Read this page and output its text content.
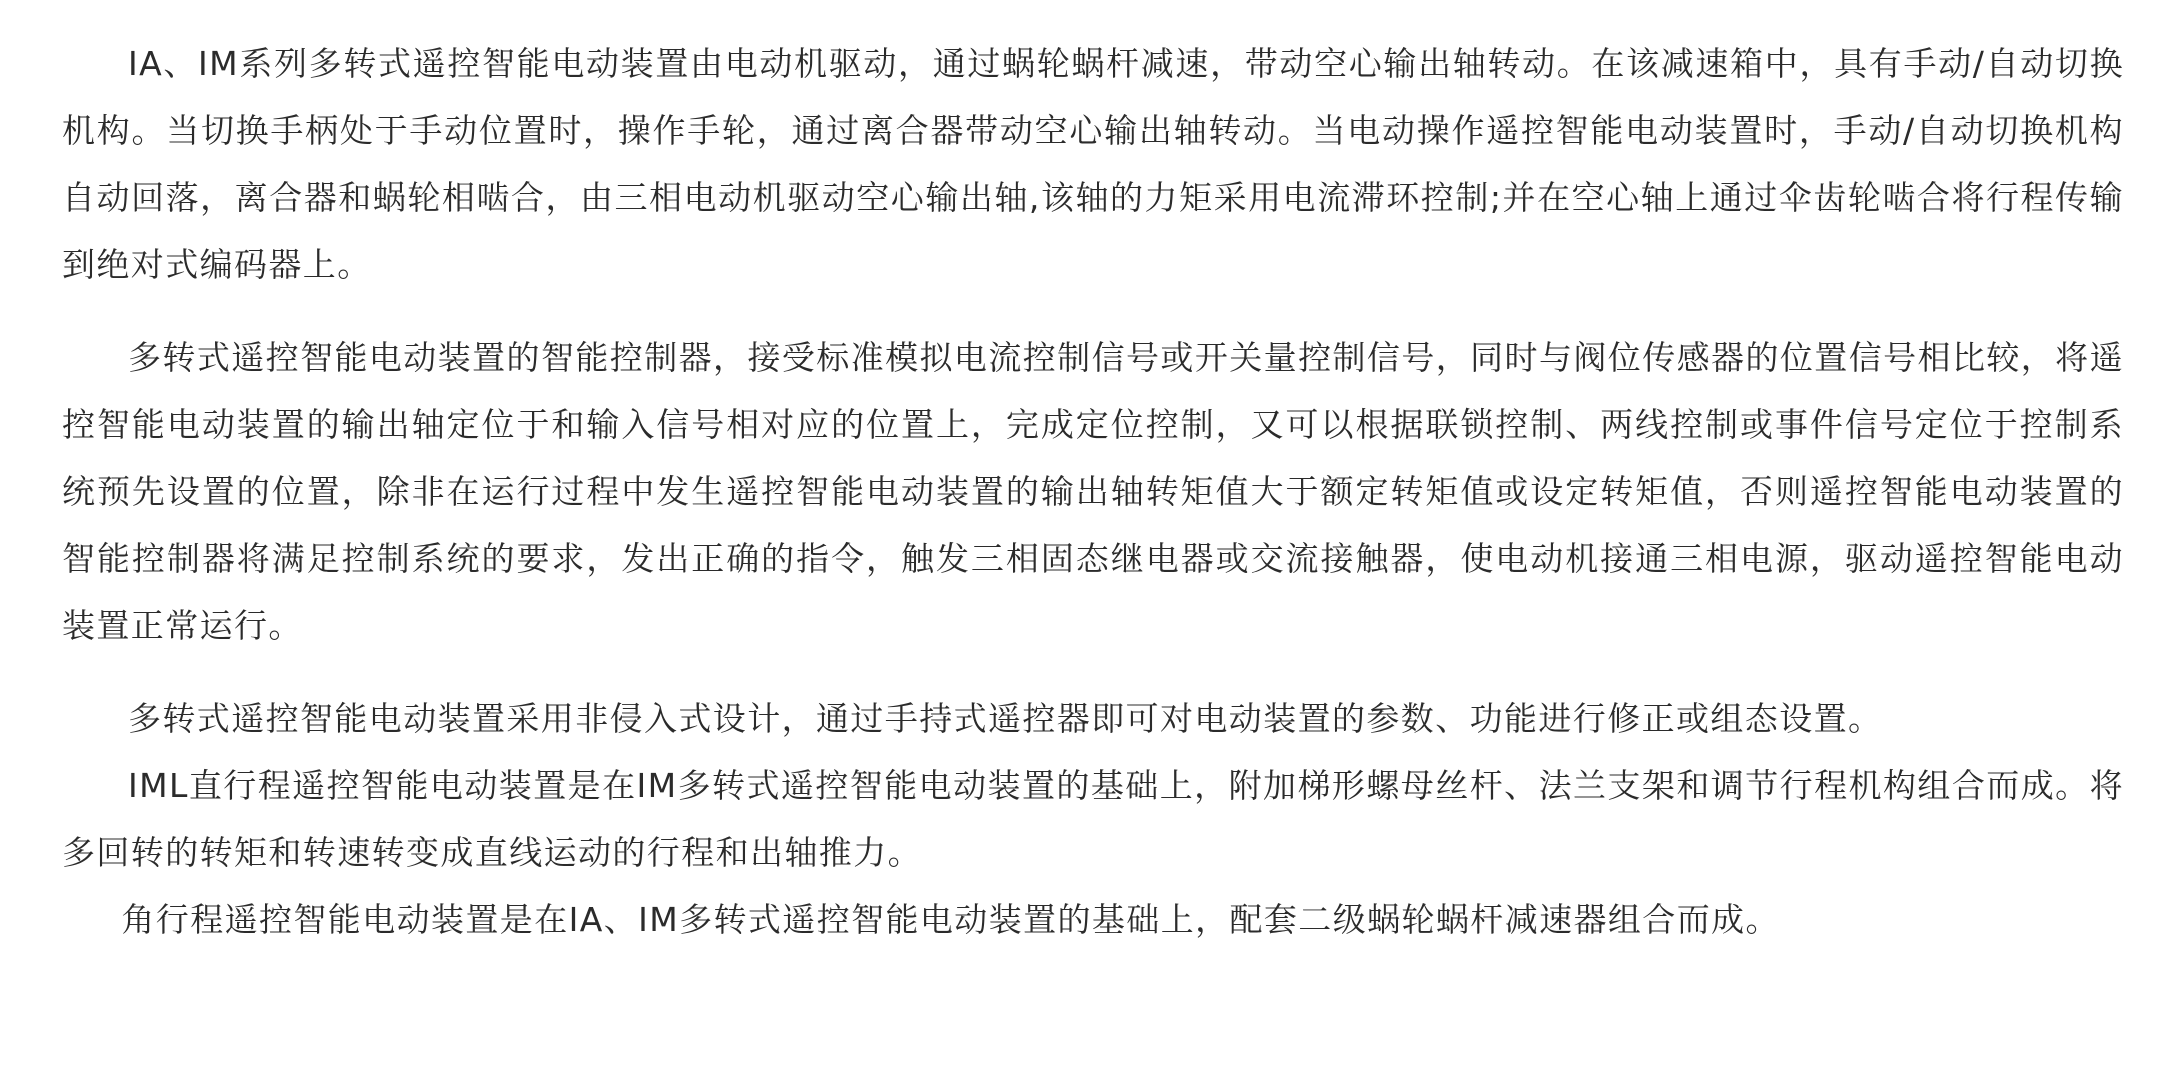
IA、IM系列多转式遥控智能电动装置由电动机驱动，通过蜗轮蜗杆减速，带动空心输出轴转动。在该减速箱中，具有手动/自动切换机构。当切换手柄处于手动位置时，操作手轮，通过离合器带动空心输出轴转动。当电动操作遥控智能电动装置时，手动/自动切换机构自动回落，离合器和蜗轮相啮合，由三相电动机驱动空心输出轴,该轴的力矩采用电流滞环控制;并在空心轴上通过伞齿轮啮合将行程传输到绝对式编码器上。

多转式遥控智能电动装置的智能控制器，接受标准模拟电流控制信号或开关量控制信号，同时与阀位传感器的位置信号相比较，将遥控智能电动装置的输出轴定位于和输入信号相对应的位置上，完成定位控制，又可以根据联锁控制、两线控制或事件信号定位于控制系统预先设置的位置，除非在运行过程中发生遥控智能电动装置的输出轴转矩值大于额定转矩值或设定转矩值，否则遥控智能电动装置的智能控制器将满足控制系统的要求，发出正确的指令，触发三相固态继电器或交流接触器，使电动机接通三相电源，驱动遥控智能电动装置正常运行。

多转式遥控智能电动装置采用非侵入式设计，通过手持式遥控器即可对电动装置的参数、功能进行修正或组态设置。

IML直行程遥控智能电动装置是在IM多转式遥控智能电动装置的基础上，附加梯形螺母丝杆、法兰支架和调节行程机构组合而成。将多回转的转矩和转速转变成直线运动的行程和出轴推力。

角行程遥控智能电动装置是在IA、IM多转式遥控智能电动装置的基础上，配套二级蜗轮蜗杆减速器组合而成。
